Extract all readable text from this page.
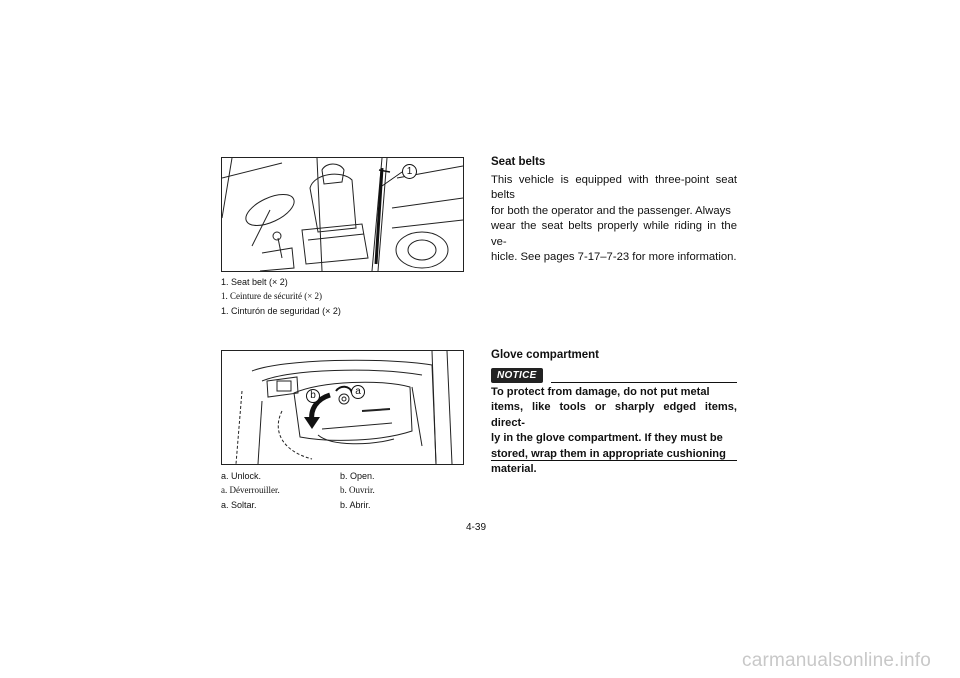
1
1. Seat belt (× 2)
1. Ceinture de sécurité (× 2)
1. Cinturón de seguridad (× 2)
b	a
a. Unlock.
a. Déverrouiller.
a. Soltar.
b. Open.
b. Ouvrir.
b. Abrir.
Seat belts
This vehicle is equipped with three-point seat belts
for both the operator and the passenger. Always
wear the seat belts properly while riding in the ve-
hicle. See pages 7-17–7-23 for more information.
Glove compartment
NOTICE
To protect from damage, do not put metal
items, like tools or sharply edged items, direct-
ly in the glove compartment. If they must be
stored, wrap them in appropriate cushioning
material.
4-39
carmanualsonline.info
